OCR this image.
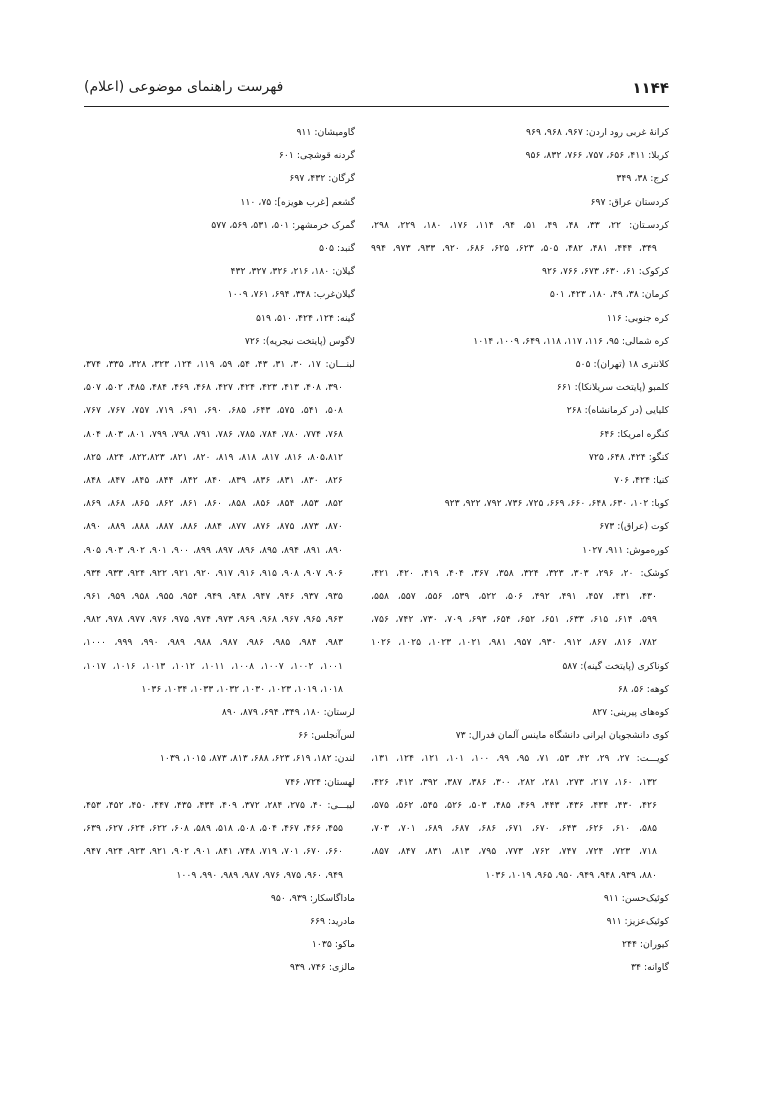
۱۱۴۴
فهرست راهنمای موضوعی (اعلام)
کرانهٔ غربی رود اردن: ۹۶۷، ۹۶۸، ۹۶۹
کربلا: ۴۱۱، ۶۵۶، ۷۵۷، ۷۶۶، ۸۳۲، ۹۵۶
کرج: ۳۸، ۳۴۹
کردستان عراق: ۶۹۷
کردسـتان: ۲۲، ۳۳، ۴۸، ۴۹، ۵۱، ۹۴، ۱۱۴، ۱۷۶، ۱۸۰، ۲۲۹، ۲۹۸،
۳۴۹، ۴۴۴، ۴۸۱، ۴۸۲، ۵۰۵، ۶۲۳، ۶۲۵، ۶۸۶، ۹۲۰، ۹۳۳، ۹۷۳، ۹۹۴
کرکوک: ۶۱، ۶۳۰، ۶۷۳، ۷۶۶، ۹۲۶
کرمان: ۳۸، ۴۹، ۱۸۰، ۴۲۳، ۵۰۱
کره جنوبی: ۱۱۶
کره شمالی: ۹۵، ۱۱۶، ۱۱۷، ۱۱۸، ۶۴۹، ۱۰۰۹، ۱۰۱۴
کلانتری ۱۸ (تهران): ۵۰۵
کلمبو (پایتخت سریلانکا): ۶۶۱
کلیایی (در کرمانشاه): ۲۶۸
کنگره امریکا: ۶۴۶
کنگو: ۴۲۴، ۶۴۸، ۷۲۵
کنیا: ۴۲۴، ۷۰۶
کوبا: ۱۰۲، ۶۳۰، ۶۴۸، ۶۶۰، ۶۶۹، ۷۲۵، ۷۳۶، ۷۹۲، ۹۲۲، ۹۲۳
کوت (عراق): ۶۷۳
کوره‌موش: ۹۱۱، ۱۰۲۷
کوشک: ۲۰، ۲۹۶، ۳۰۳، ۳۲۳، ۳۲۴، ۳۵۸، ۳۶۷، ۴۰۴، ۴۱۹، ۴۲۰، ۴۲۱،
۴۳۰، ۴۳۱، ۴۵۷، ۴۹۱، ۴۹۲، ۵۰۶، ۵۲۲، ۵۳۹، ۵۵۶، ۵۵۷، ۵۵۸،
۵۹۹، ۶۱۴، ۶۱۵، ۶۳۳، ۶۵۱، ۶۵۲، ۶۵۴، ۶۹۳، ۷۰۹، ۷۳۰، ۷۴۲، ۷۵۶،
۷۸۲، ۸۱۶، ۸۶۷، ۹۱۲، ۹۳۰، ۹۵۷، ۹۸۱، ۱۰۲۱، ۱۰۲۳، ۱۰۲۵، ۱۰۲۶
کوناکری (پایتخت گینه): ۵۸۷
کوهه: ۵۶، ۶۸
کوه‌های پیرینی: ۸۲۷
کوی دانشجویان ایرانی دانشگاه ماینس آلمان فدرال: ۷۳
کویـــت: ۲۷، ۲۹، ۴۲، ۵۳، ۷۱، ۹۵، ۹۹، ۱۰۰، ۱۰۱، ۱۲۱، ۱۲۴، ۱۳۱،
۱۳۲، ۱۶۰، ۲۱۷، ۲۷۳، ۲۸۱، ۲۸۲، ۳۰۰، ۳۸۶، ۳۸۷، ۳۹۲، ۴۱۲، ۴۲۶،
۴۲۶، ۴۳۰، ۴۳۴، ۴۳۶، ۴۴۳، ۴۶۹، ۴۸۵، ۵۰۳، ۵۲۶، ۵۴۵، ۵۶۲، ۵۷۵،
۵۸۵، ۶۱۰، ۶۲۶، ۶۴۳، ۶۷۰، ۶۷۱، ۶۸۶، ۶۸۷، ۶۸۹، ۷۰۱، ۷۰۳،
۷۱۸، ۷۲۳، ۷۲۴، ۷۴۷، ۷۶۲، ۷۷۳، ۷۹۵، ۸۱۳، ۸۳۱، ۸۴۷، ۸۵۷،
۸۸۰، ۹۳۹، ۹۴۸، ۹۴۹، ۹۵۰، ۹۶۵، ۱۰۱۹، ۱۰۳۶
کوئیک‌حسن: ۹۱۱
کوئیک‌عزیز: ۹۱۱
کیوران: ۲۴۴
گاوانه: ۳۴
گاومیشان: ۹۱۱
گردنه قوشچی: ۶۰۱
گرگان: ۴۳۲، ۶۹۷
گشعم [غرب هویزه]: ۷۵، ۱۱۰
گمرک خرمشهر: ۵۰۱، ۵۳۱، ۵۶۹، ۵۷۷
گنبد: ۵۰۵
گیلان: ۱۸۰، ۲۱۶، ۳۲۶، ۳۲۷، ۴۳۲
گیلان‌غرب: ۳۴۸، ۶۹۴، ۷۶۱، ۱۰۰۹
گینه: ۱۲۴، ۴۲۴، ۵۱۰، ۵۱۹
لاگوس (پایتخت نیجریه): ۷۲۶
لبنـــان: ۱۷، ۳۰، ۳۱، ۴۳، ۵۴، ۵۹، ۱۱۹، ۱۲۴، ۳۲۳، ۳۲۸، ۳۳۵، ۳۷۴،
۳۹۰، ۴۰۸، ۴۱۳، ۴۲۳، ۴۲۴، ۴۲۷، ۴۶۸، ۴۶۹، ۴۸۴، ۴۸۵، ۵۰۲، ۵۰۷،
۵۰۸، ۵۴۱، ۵۷۵، ۶۴۳، ۶۸۵، ۶۹۰، ۶۹۱، ۷۱۹، ۷۵۷، ۷۶۷، ۷۶۷،
۷۶۸، ۷۷۴، ۷۸۰، ۷۸۴، ۷۸۵، ۷۸۶، ۷۹۱، ۷۹۸، ۷۹۹، ۸۰۱، ۸۰۳، ۸۰۴،
۸۰۵،۸۱۲، ۸۱۶، ۸۱۷، ۸۱۸، ۸۱۹، ۸۲۰، ۸۲۱، ۸۲۲،۸۲۳، ۸۲۴، ۸۲۵،
۸۲۶، ۸۳۰، ۸۳۱، ۸۳۶، ۸۳۹، ۸۴۰، ۸۴۲، ۸۴۴، ۸۴۵، ۸۴۷، ۸۴۸،
۸۵۲، ۸۵۳، ۸۵۴، ۸۵۶، ۸۵۸، ۸۶۰، ۸۶۱، ۸۶۲، ۸۶۵، ۸۶۸، ۸۶۹،
۸۷۰، ۸۷۳، ۸۷۵، ۸۷۶، ۸۷۷، ۸۸۴، ۸۸۶، ۸۸۷، ۸۸۸، ۸۸۹، ۸۹۰،
۸۹۰، ۸۹۱، ۸۹۴، ۸۹۵، ۸۹۶، ۸۹۷، ۸۹۹، ۹۰۰، ۹۰۱، ۹۰۲، ۹۰۳، ۹۰۵،
۹۰۶، ۹۰۷، ۹۰۸، ۹۱۵، ۹۱۶، ۹۱۷، ۹۲۰، ۹۲۱، ۹۲۲، ۹۲۴، ۹۳۳، ۹۳۴،
۹۳۵، ۹۳۷، ۹۴۶، ۹۴۷، ۹۴۸، ۹۴۹، ۹۵۴، ۹۵۵، ۹۵۸، ۹۵۹، ۹۶۱،
۹۶۳، ۹۶۵، ۹۶۷، ۹۶۸، ۹۶۹، ۹۷۳، ۹۷۴، ۹۷۵، ۹۷۶، ۹۷۷، ۹۷۸، ۹۸۲،
۹۸۳، ۹۸۴، ۹۸۵، ۹۸۶، ۹۸۷، ۹۸۸، ۹۸۹، ۹۹۰، ۹۹۹، ۱۰۰۰،
۱۰۰۱، ۱۰۰۲، ۱۰۰۷، ۱۰۰۸، ۱۰۱۱، ۱۰۱۲، ۱۰۱۳، ۱۰۱۶، ۱۰۱۷،
۱۰۱۸، ۱۰۱۹، ۱۰۲۳، ۱۰۳۰، ۱۰۳۲، ۱۰۳۳، ۱۰۳۴، ۱۰۳۶
لرستان: ۱۸۰، ۳۴۹، ۶۹۴، ۸۷۹، ۸۹۰
لس‌آنجلس: ۶۶
لندن: ۱۸۲، ۶۱۹، ۶۲۳، ۶۸۸، ۸۱۳، ۸۷۳، ۱۰۱۵، ۱۰۳۹
لهستان: ۷۲۴، ۷۴۶
لیبـــی: ۴۰، ۲۷۵، ۲۸۴، ۳۷۲، ۴۰۹، ۴۳۴، ۴۳۵، ۴۴۷، ۴۵۰، ۴۵۲، ۴۵۳،
۴۵۵، ۴۶۶، ۴۶۷، ۵۰۴، ۵۰۸، ۵۱۸، ۵۸۹، ۶۰۸، ۶۲۲، ۶۲۴، ۶۲۷، ۶۳۹،
۶۶۰، ۶۷۰، ۷۰۱، ۷۱۹، ۷۴۸، ۸۴۱، ۹۰۱، ۹۰۲، ۹۲۱، ۹۲۳، ۹۲۴، ۹۴۷،
۹۴۹، ۹۶۰، ۹۷۵، ۹۷۶، ۹۸۷، ۹۸۹، ۹۹۰، ۱۰۰۹
ماداگاسکار: ۹۳۹، ۹۵۰
مادرید: ۶۶۹
ماکو: ۱۰۳۵
مالزی: ۷۴۶، ۹۳۹
